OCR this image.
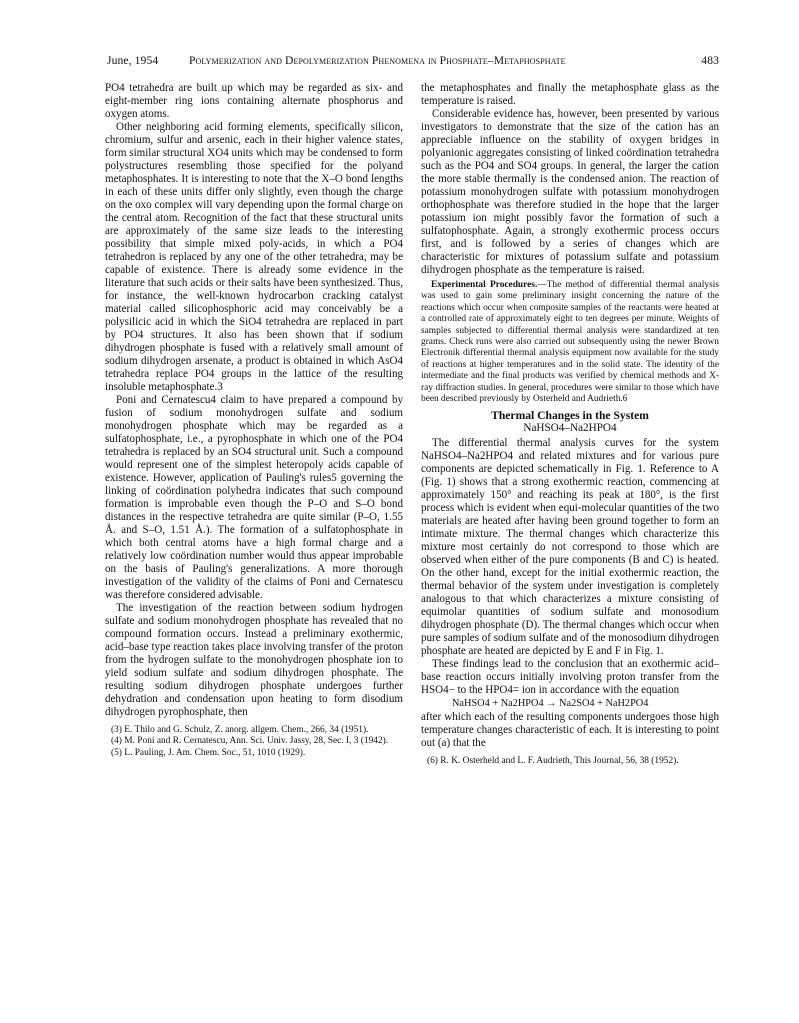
June, 1954	Polymerization and Depolymerization Phenomena in Phosphate–Metaphosphate	483

PO4 tetrahedra are built up which may be regarded as six- and eight-member ring ions containing alternate phosphorus and oxygen atoms.

Other neighboring acid forming elements, specifically silicon, chromium, sulfur and arsenic, each in their higher valence states, form similar structural XO4 units which may be condensed to form polystructures resembling those specified for the polyand metaphosphates. It is interesting to note that the X–O bond lengths in each of these units differ only slightly, even though the charge on the oxo complex will vary depending upon the formal charge on the central atom. Recognition of the fact that these structural units are approximately of the same size leads to the interesting possibility that simple mixed poly-acids, in which a PO4 tetrahedron is replaced by any one of the other tetrahedra, may be capable of existence. There is already some evidence in the literature that such acids or their salts have been synthesized. Thus, for instance, the well-known hydrocarbon cracking catalyst material called silicophosphoric acid may conceivably be a polysilicic acid in which the SiO4 tetrahedra are replaced in part by PO4 structures. It also has been shown that if sodium dihydrogen phosphate is fused with a relatively small amount of sodium dihydrogen arsenate, a product is obtained in which AsO4 tetrahedra replace PO4 groups in the lattice of the resulting insoluble metaphosphate.3

Poni and Cernatescu4 claim to have prepared a compound by fusion of sodium monohydrogen sulfate and sodium monohydrogen phosphate which may be regarded as a sulfatophosphate, i.e., a pyrophosphate in which one of the PO4 tetrahedra is replaced by an SO4 structural unit. Such a compound would represent one of the simplest heteropoly acids capable of existence. However, application of Pauling's rules5 governing the linking of coördination polyhedra indicates that such compound formation is improbable even though the P–O and S–O bond distances in the respective tetrahedra are quite similar (P–O, 1.55 Å. and S–O, 1.51 Å.). The formation of a sulfatophosphate in which both central atoms have a high formal charge and a relatively low coördination number would thus appear improbable on the basis of Pauling's generalizations. A more thorough investigation of the validity of the claims of Poni and Cernatescu was therefore considered advisable.

The investigation of the reaction between sodium hydrogen sulfate and sodium monohydrogen phosphate has revealed that no compound formation occurs. Instead a preliminary exothermic, acid–base type reaction takes place involving transfer of the proton from the hydrogen sulfate to the monohydrogen phosphate ion to yield sodium sulfate and sodium dihydrogen phosphate. The resulting sodium dihydrogen phosphate undergoes further dehydration and condensation upon heating to form disodium dihydrogen pyrophosphate, then

(3) E. Thilo and G. Schulz, Z. anorg. allgem. Chem., 266, 34 (1951).

(4) M. Poni and R. Cernatescu, Ann. Sci. Univ. Jassy, 28, Sec. I, 3 (1942).

(5) L. Pauling, J. Am. Chem. Soc., 51, 1010 (1929).

the metaphosphates and finally the metaphosphate glass as the temperature is raised.

Considerable evidence has, however, been presented by various investigators to demonstrate that the size of the cation has an appreciable influence on the stability of oxygen bridges in polyanionic aggregates consisting of linked coördination tetrahedra such as the PO4 and SO4 groups. In general, the larger the cation the more stable thermally is the condensed anion. The reaction of potassium monohydrogen sulfate with potassium monohydrogen orthophosphate was therefore studied in the hope that the larger potassium ion might possibly favor the formation of such a sulfatophosphate. Again, a strongly exothermic process occurs first, and is followed by a series of changes which are characteristic for mixtures of potassium sulfate and potassium dihydrogen phosphate as the temperature is raised.

Experimental Procedures.—The method of differential thermal analysis was used to gain some preliminary insight concerning the nature of the reactions which occur when composite samples of the reactants were heated at a controlled rate of approximately eight to ten degrees per minute. Weights of samples subjected to differential thermal analysis were standardized at ten grams. Check runs were also carried out subsequently using the newer Brown Electronik differential thermal analysis equipment now available for the study of reactions at higher temperatures and in the solid state. The identity of the intermediate and the final products was verified by chemical methods and X-ray diffraction studies. In general, procedures were similar to those which have been described previously by Osterheld and Audrieth.6

Thermal Changes in the System
NaHSO4–Na2HPO4

The differential thermal analysis curves for the system NaHSO4–Na2HPO4 and related mixtures and for various pure components are depicted schematically in Fig. 1. Reference to A (Fig. 1) shows that a strong exothermic reaction, commencing at approximately 150° and reaching its peak at 180°, is the first process which is evident when equi-molecular quantities of the two materials are heated after having been ground together to form an intimate mixture. The thermal changes which characterize this mixture most certainly do not correspond to those which are observed when either of the pure components (B and C) is heated. On the other hand, except for the initial exothermic reaction, the thermal behavior of the system under investigation is completely analogous to that which characterizes a mixture consisting of equimolar quantities of sodium sulfate and monosodium dihydrogen phosphate (D). The thermal changes which occur when pure samples of sodium sulfate and of the monosodium dihydrogen phosphate are heated are depicted by E and F in Fig. 1.

These findings lead to the conclusion that an exothermic acid–base reaction occurs initially involving proton transfer from the HSO4− to the HPO4= ion in accordance with the equation

NaHSO4 + Na2HPO4 → Na2SO4 + NaH2PO4

after which each of the resulting components undergoes those high temperature changes characteristic of each. It is interesting to point out (a) that the

(6) R. K. Osterheld and L. F. Audrieth, This Journal, 56, 38 (1952).
